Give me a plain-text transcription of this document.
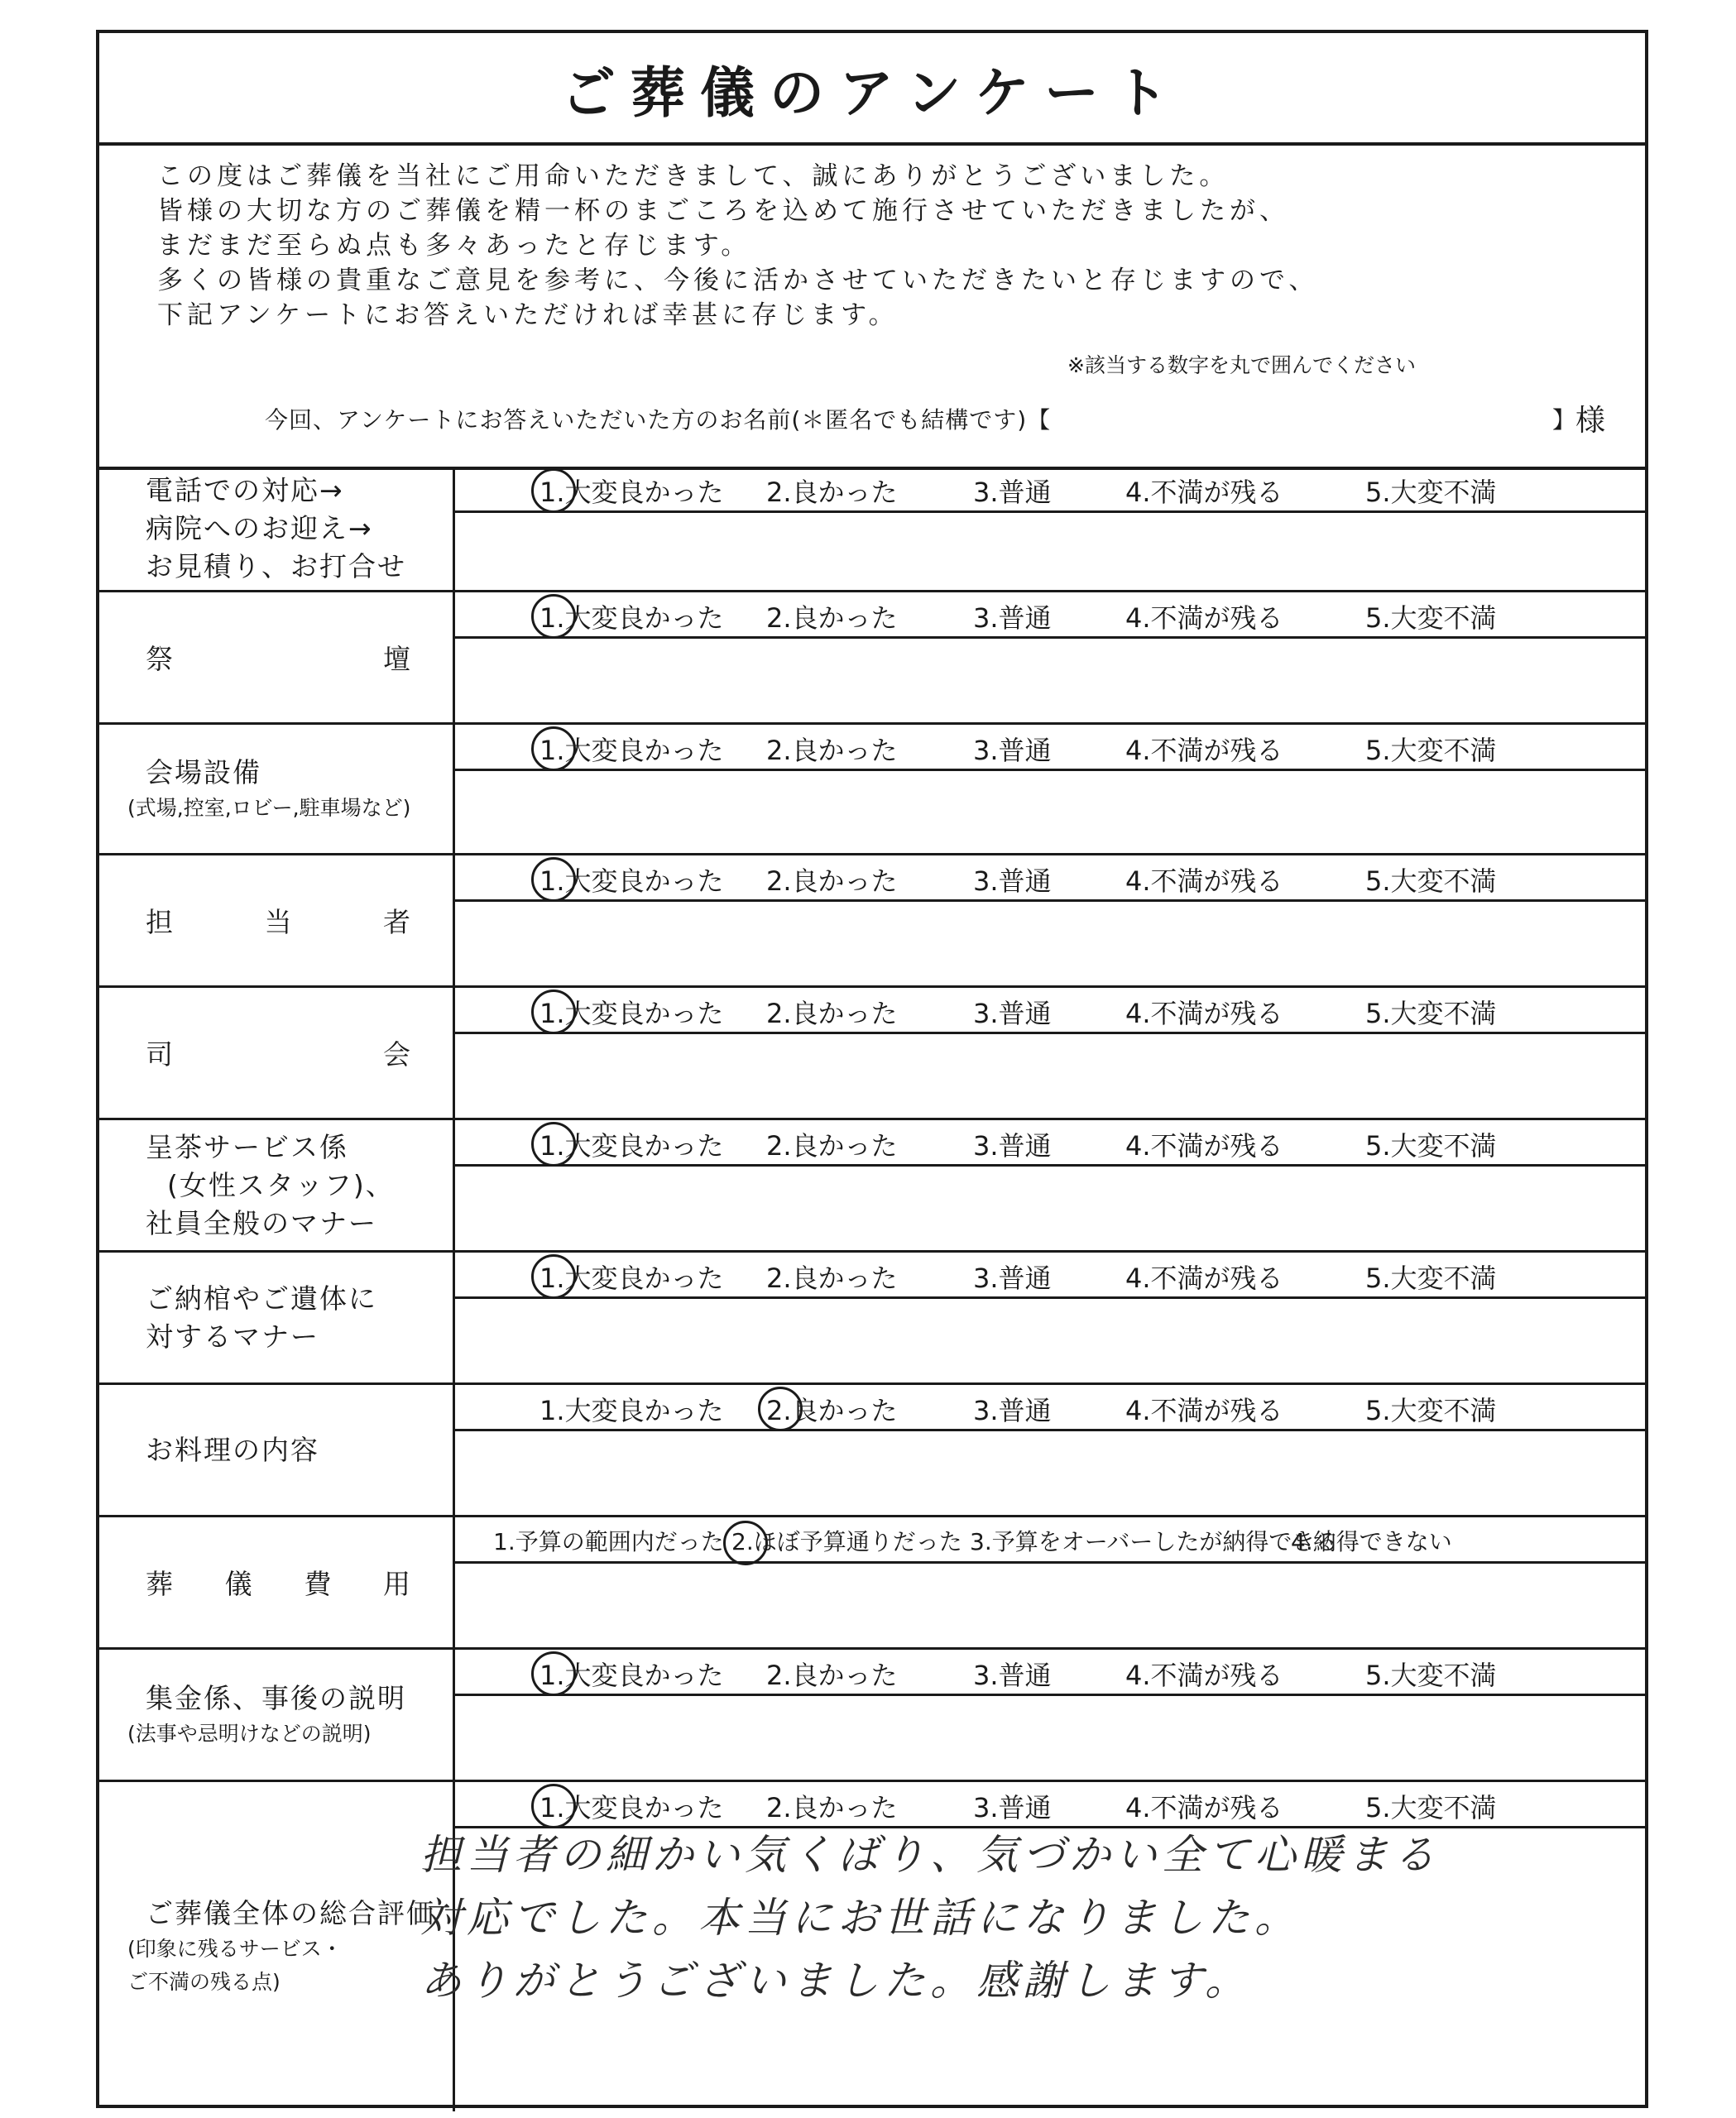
ご葬儀のアンケート
この度はご葬儀を当社にご用命いただきまして、誠にありがとうございました。
皆様の大切な方のご葬儀を精一杯のまごころを込めて施行させていただきましたが、
まだまだ至らぬ点も多々あったと存じます。
多くの皆様の貴重なご意見を参考に、今後に活かさせていただきたいと存じますので、
下記アンケートにお答えいただければ幸甚に存じます。
※該当する数字を丸で囲んでください
今回、アンケートにお答えいただいた方のお名前(＊匿名でも結構です)【	】 様
電話での対応→
病院へのお迎え→
お見積り、お打合せ
1.大変良かった 2.良かった	3.普通	4.不満が残る	5.大変不満
祭	壇
1.大変良かった 2.良かった	3.普通	4.不満が残る	5.大変不満
会場設備
(式場,控室,ロビー,駐車場など)
1.大変良かった 2.良かった	3.普通	4.不満が残る	5.大変不満
担	当	者
1.大変良かった 2.良かった	3.普通	4.不満が残る	5.大変不満
司	会
1.大変良かった 2.良かった	3.普通	4.不満が残る	5.大変不満
呈茶サービス係
(女性スタッフ)、
社員全般のマナー
1.大変良かった 2.良かった	3.普通	4.不満が残る	5.大変不満
ご納棺やご遺体に
対するマナー
1.大変良かった 2.良かった	3.普通	4.不満が残る	5.大変不満
お料理の内容
1.大変良かった 2.良かった	3.普通	4.不満が残る	5.大変不満
葬 儀 費 用
1.予算の範囲内だった 2.ほぼ予算通りだった 3.予算をオーバーしたが納得できる
4.納得できない
集金係、事後の説明
(法事や忌明けなどの説明)
1.大変良かった 2.良かった	3.普通	4.不満が残る	5.大変不満
ご葬儀全体の総合評価
(印象に残るサービス・
ご不満の残る点)
1.大変良かった 2.良かった	3.普通	4.不満が残る	5.大変不満
担当者の細かい気くばり、気づかい全て心暖まる
対応でした。本当にお世話になりました。
ありがとうございました。感謝します。
